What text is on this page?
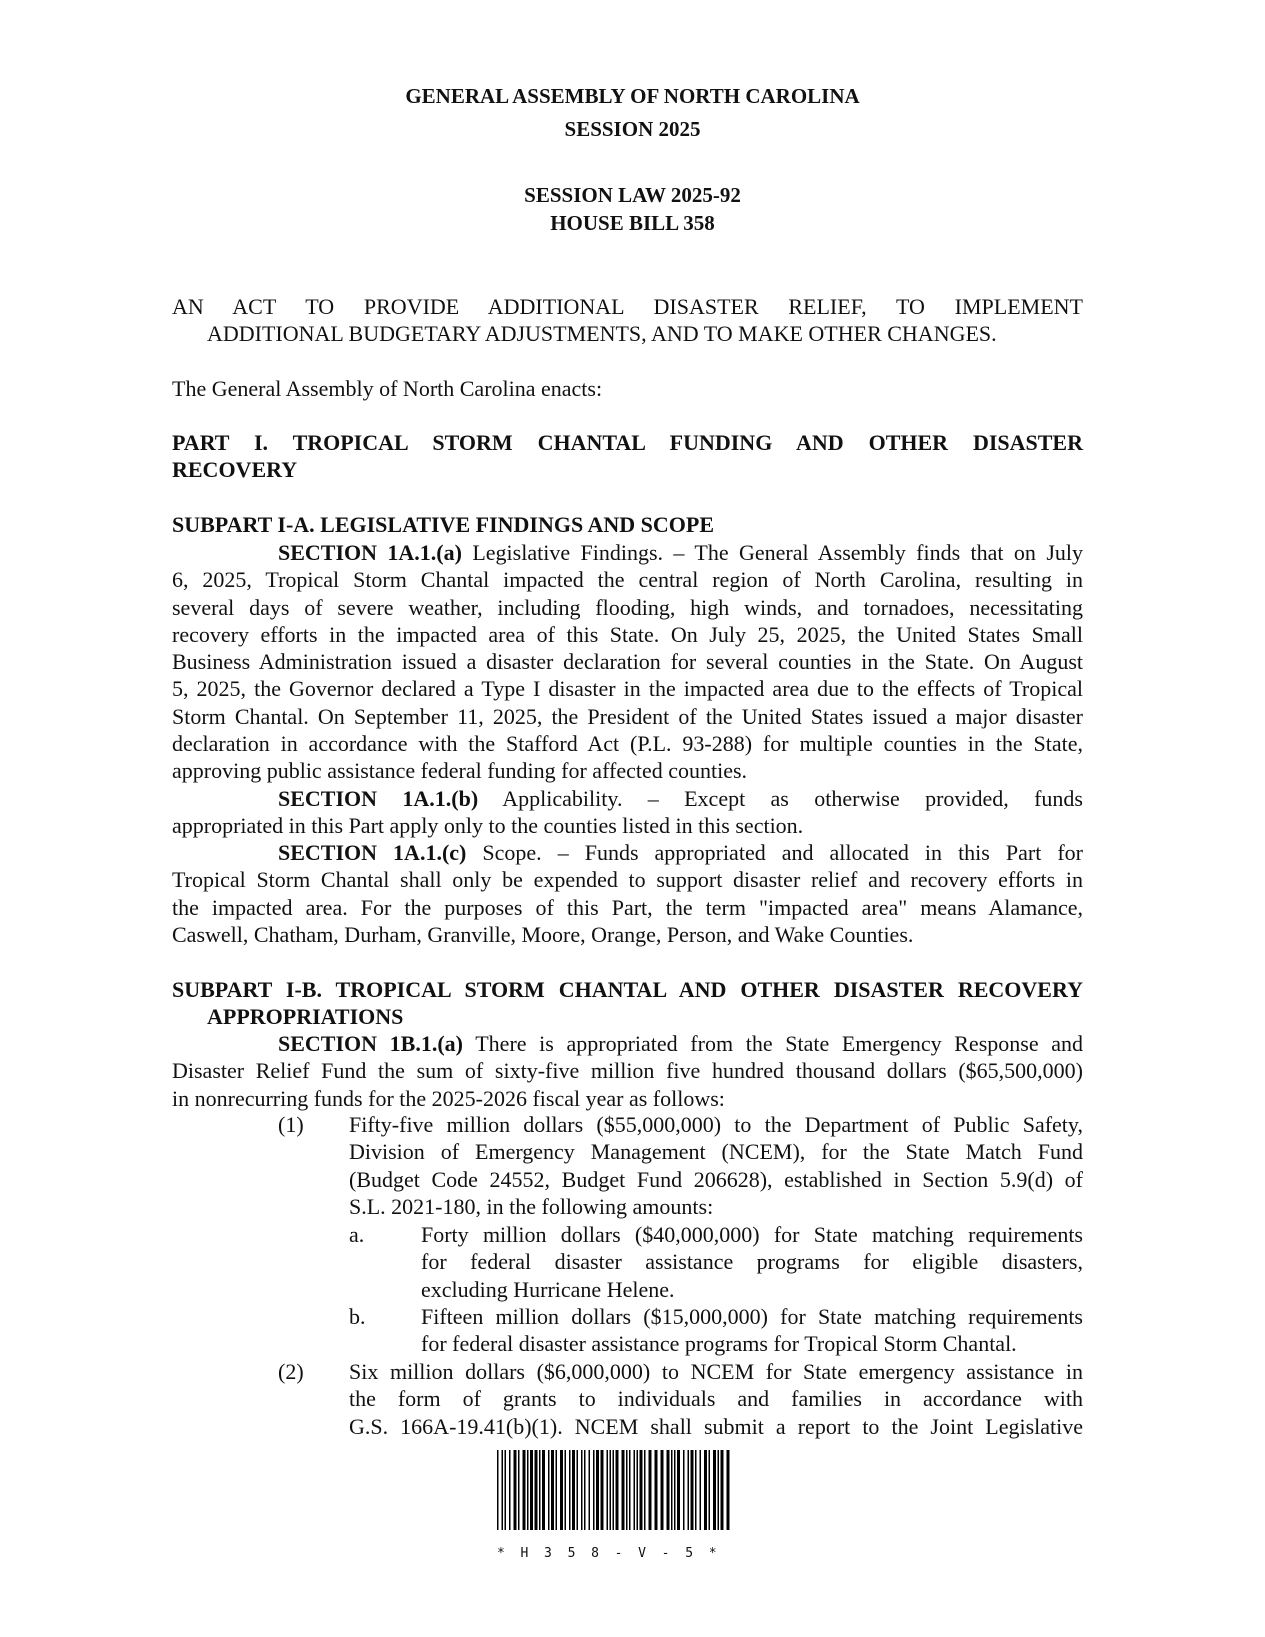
GENERAL ASSEMBLY OF NORTH CAROLINA
SESSION 2025
SESSION LAW 2025-92
HOUSE BILL 358
AN ACT TO PROVIDE ADDITIONAL DISASTER RELIEF, TO IMPLEMENT
ADDITIONAL BUDGETARY ADJUSTMENTS, AND TO MAKE OTHER CHANGES.
The General Assembly of North Carolina enacts:
PART I. TROPICAL STORM CHANTAL FUNDING AND OTHER DISASTER
RECOVERY
SUBPART I-A. LEGISLATIVE FINDINGS AND SCOPE
SECTION 1A.1.(a) Legislative Findings. – The General Assembly finds that on July
6, 2025, Tropical Storm Chantal impacted the central region of North Carolina, resulting in
several days of severe weather, including flooding, high winds, and tornadoes, necessitating
recovery efforts in the impacted area of this State. On July 25, 2025, the United States Small
Business Administration issued a disaster declaration for several counties in the State. On August
5, 2025, the Governor declared a Type I disaster in the impacted area due to the effects of Tropical
Storm Chantal. On September 11, 2025, the President of the United States issued a major disaster
declaration in accordance with the Stafford Act (P.L. 93-288) for multiple counties in the State,
approving public assistance federal funding for affected counties.
SECTION 1A.1.(b) Applicability. – Except as otherwise provided, funds
appropriated in this Part apply only to the counties listed in this section.
SECTION 1A.1.(c) Scope. – Funds appropriated and allocated in this Part for
Tropical Storm Chantal shall only be expended to support disaster relief and recovery efforts in
the impacted area. For the purposes of this Part, the term "impacted area" means Alamance,
Caswell, Chatham, Durham, Granville, Moore, Orange, Person, and Wake Counties.
SUBPART I-B. TROPICAL STORM CHANTAL AND OTHER DISASTER RECOVERY
APPROPRIATIONS
SECTION 1B.1.(a) There is appropriated from the State Emergency Response and
Disaster Relief Fund the sum of sixty-five million five hundred thousand dollars ($65,500,000)
in nonrecurring funds for the 2025-2026 fiscal year as follows:
(1) Fifty-five million dollars ($55,000,000) to the Department of Public Safety,
Division of Emergency Management (NCEM), for the State Match Fund
(Budget Code 24552, Budget Fund 206628), established in Section 5.9(d) of
S.L. 2021-180, in the following amounts:
a.	Forty million dollars ($40,000,000) for State matching requirements
for federal disaster assistance programs for eligible disasters,
excluding Hurricane Helene.
b.	Fifteen million dollars ($15,000,000) for State matching requirements
for federal disaster assistance programs for Tropical Storm Chantal.
(2) Six million dollars ($6,000,000) to NCEM for State emergency assistance in
the form of grants to individuals and families in accordance with
G.S. 166A-19.41(b)(1). NCEM shall submit a report to the Joint Legislative
*H358-V-5*
